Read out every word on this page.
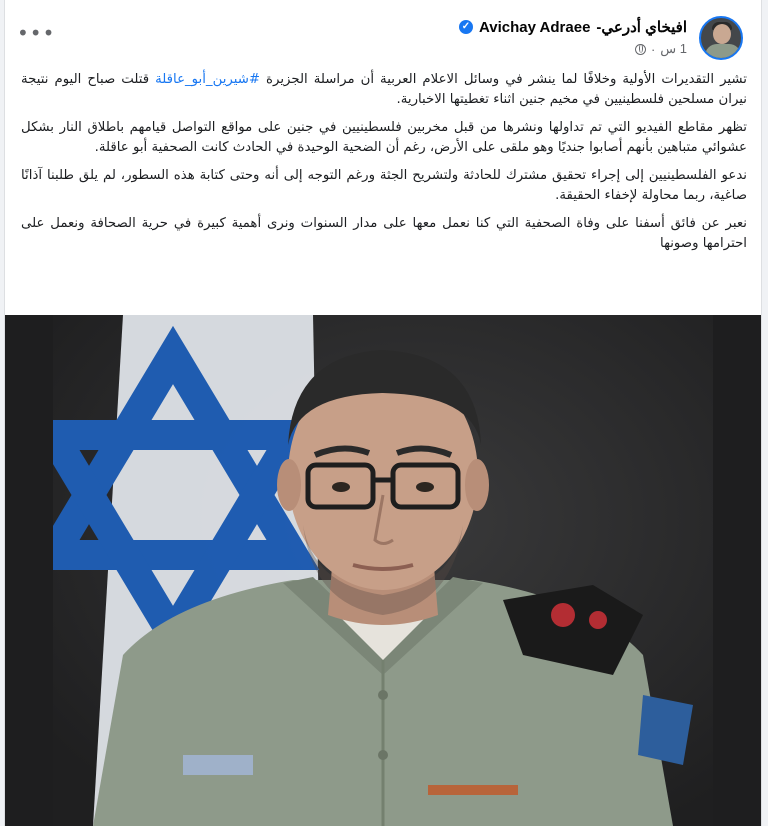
افيخاي أدرعي-
Avichay Adraee
✓
1 س
·
•••

تشير التقديرات الأولية وخلافًا لما ينشر في وسائل الاعلام العربية أن مراسلة الجزيرة #شيرين_أبو_عاقلة قتلت صباح اليوم نتيجة نيران مسلحين فلسطينيين في مخيم جنين اثناء تغطيتها الاخبارية.

تظهر مقاطع الفيديو التي تم تداولها ونشرها من قبل مخربين فلسطينيين في جنين على مواقع التواصل قيامهم باطلاق النار بشكل عشوائي متباهين بأنهم أصابوا جنديًا وهو ملقى على الأرض، رغم أن الضحية الوحيدة في الحادث كانت الصحفية أبو عاقلة.

ندعو الفلسطينيين إلى إجراء تحقيق مشترك للحادثة ولتشريح الجثة ورغم التوجه إلى أنه وحتى كتابة هذه السطور، لم يلق طلبنا آذانًا صاغية، ربما محاولة لإخفاء الحقيقة.

نعبر عن فائق أسفنا على وفاة الصحفية التي كنا نعمل معها على مدار السنوات ونرى أهمية كبيرة في حرية الصحافة ونعمل على احترامها وصونها
